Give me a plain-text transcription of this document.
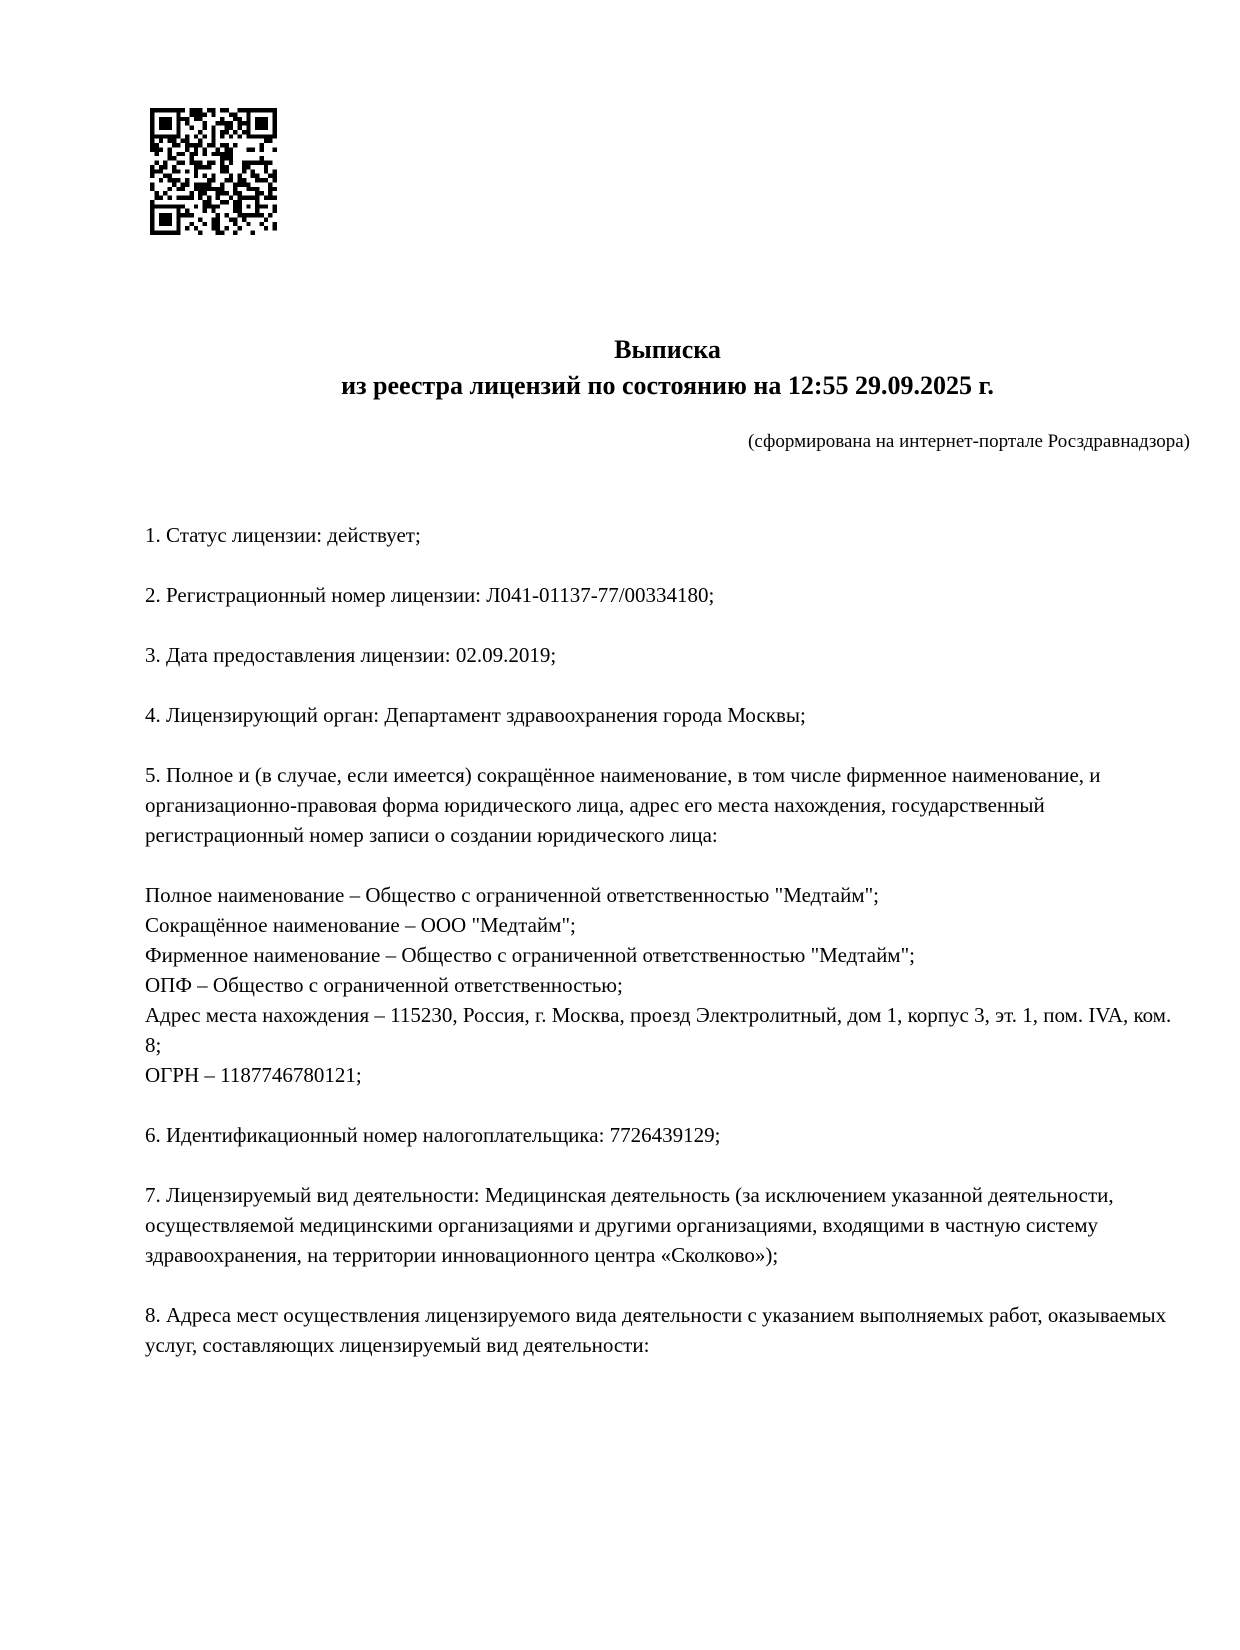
Выписка
из реестра лицензий по состоянию на 12:55 29.09.2025 г.
(сформирована на интернет-портале Росздравнадзора)

1. Статус лицензии: действует;

2. Регистрационный номер лицензии: Л041-01137-77/00334180;

3. Дата предоставления лицензии: 02.09.2019;

4. Лицензирующий орган: Департамент здравоохранения города Москвы;

5. Полное и (в случае, если имеется) сокращённое наименование, в том числе фирменное наименование, и организационно-правовая форма юридического лица, адрес его места нахождения, государственный регистрационный номер записи о создании юридического лица:

Полное наименование – Общество с ограниченной ответственностью "Медтайм";
Сокращённое наименование – ООО "Медтайм";
Фирменное наименование – Общество с ограниченной ответственностью "Медтайм";
ОПФ – Общество с ограниченной ответственностью;
Адрес места нахождения – 115230, Россия, г. Москва, проезд Электролитный, дом 1, корпус 3, эт. 1, пом. IVA, ком. 8;
ОГРН – 1187746780121;

6. Идентификационный номер налогоплательщика: 7726439129;

7. Лицензируемый вид деятельности: Медицинская деятельность (за исключением указанной деятельности, осуществляемой медицинскими организациями и другими организациями, входящими в частную систему здравоохранения, на территории инновационного центра «Сколково»);

8. Адреса мест осуществления лицензируемого вида деятельности с указанием выполняемых работ, оказываемых услуг, составляющих лицензируемый вид деятельности:
